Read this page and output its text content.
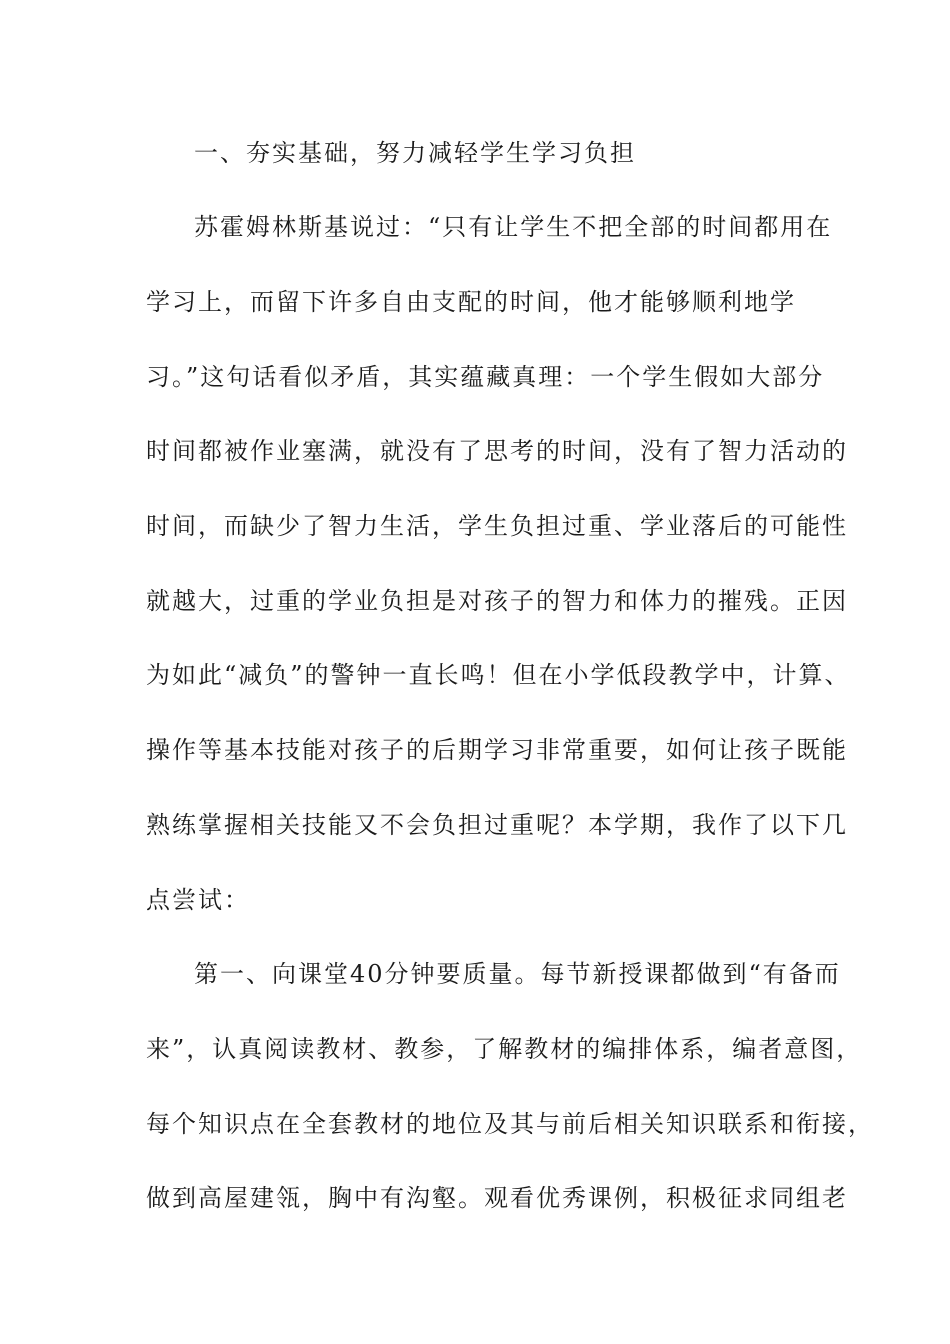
一、夯实基础，努力减轻学生学习负担
苏霍姆林斯基说过：“只有让学生不把全部的时间都用在
学习上，而留下许多自由支配的时间，他才能够顺利地学
习。”这句话看似矛盾，其实蕴藏真理：一个学生假如大部分
时间都被作业塞满，就没有了思考的时间，没有了智力活动的
时间，而缺少了智力生活，学生负担过重、学业落后的可能性
就越大，过重的学业负担是对孩子的智力和体力的摧残。正因
为如此“减负”的警钟一直长鸣！但在小学低段教学中，计算、
操作等基本技能对孩子的后期学习非常重要，如何让孩子既能
熟练掌握相关技能又不会负担过重呢？本学期，我作了以下几
点尝试：
第一、向课堂40分钟要质量。每节新授课都做到“有备而
来”，认真阅读教材、教参，了解教材的编排体系，编者意图，
每个知识点在全套教材的地位及其与前后相关知识联系和衔接，
做到高屋建瓴，胸中有沟壑。观看优秀课例，积极征求同组老
